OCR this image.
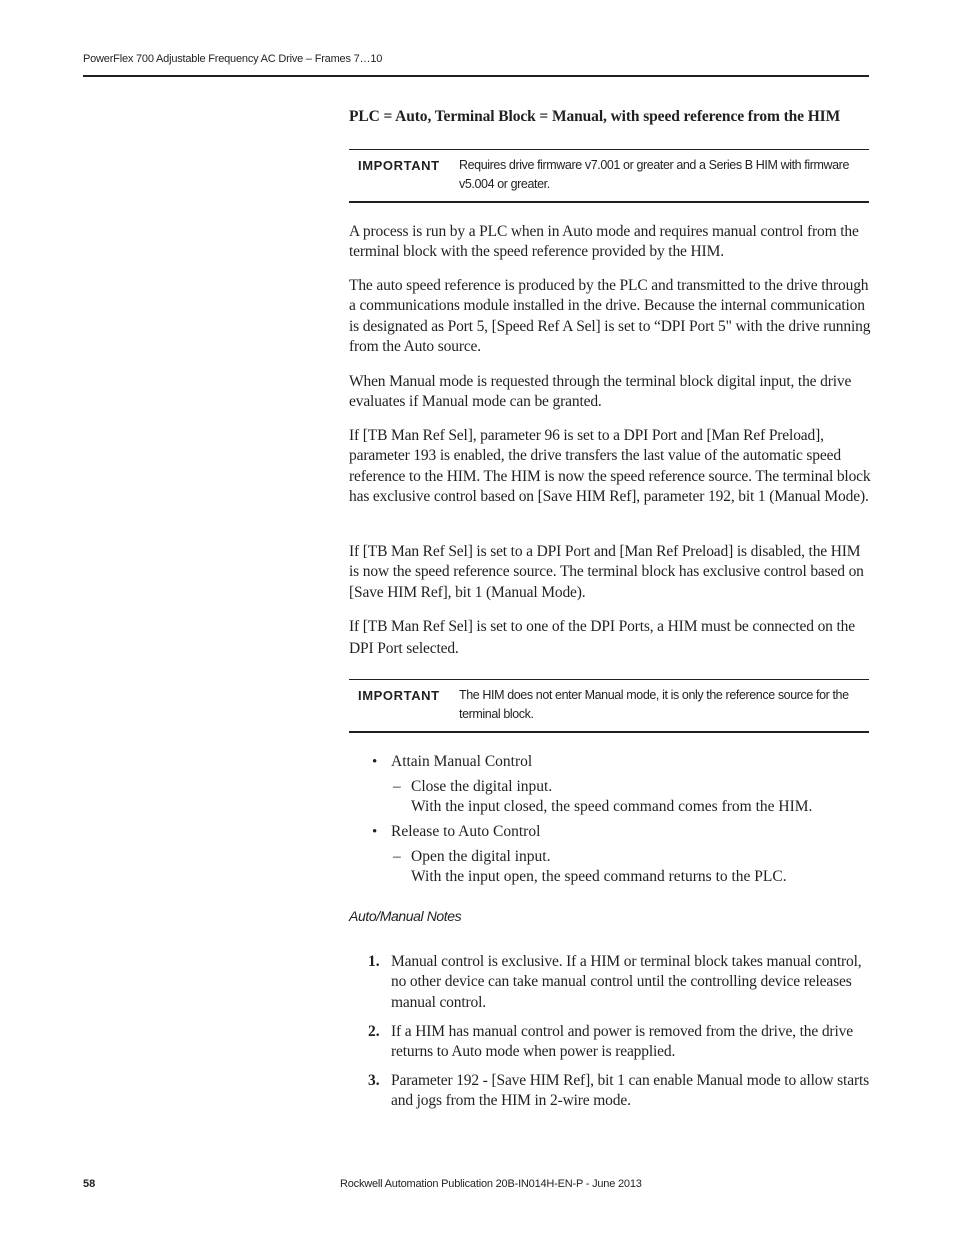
PowerFlex 700 Adjustable Frequency AC Drive – Frames 7…10
PLC = Auto, Terminal Block = Manual, with speed reference from the HIM
IMPORTANT Requires drive firmware v7.001 or greater and a Series B HIM with firmware v5.004 or greater.
A process is run by a PLC when in Auto mode and requires manual control from the terminal block with the speed reference provided by the HIM.
The auto speed reference is produced by the PLC and transmitted to the drive through a communications module installed in the drive. Because the internal communication is designated as Port 5, [Speed Ref A Sel] is set to “DPI Port 5" with the drive running from the Auto source.
When Manual mode is requested through the terminal block digital input, the drive evaluates if Manual mode can be granted.
If [TB Man Ref Sel], parameter 96 is set to a DPI Port and [Man Ref Preload], parameter 193 is enabled, the drive transfers the last value of the automatic speed reference to the HIM. The HIM is now the speed reference source. The terminal block has exclusive control based on [Save HIM Ref], parameter 192, bit 1 (Manual Mode).
If [TB Man Ref Sel] is set to a DPI Port and [Man Ref Preload] is disabled, the HIM is now the speed reference source. The terminal block has exclusive control based on [Save HIM Ref], bit 1 (Manual Mode).
If [TB Man Ref Sel] is set to one of the DPI Ports, a HIM must be connected on the DPI Port selected.
IMPORTANT The HIM does not enter Manual mode, it is only the reference source for the terminal block.
• Attain Manual Control
– Close the digital input.
With the input closed, the speed command comes from the HIM.
• Release to Auto Control
– Open the digital input.
With the input open, the speed command returns to the PLC.
Auto/Manual Notes
1. Manual control is exclusive. If a HIM or terminal block takes manual control, no other device can take manual control until the controlling device releases manual control.
2. If a HIM has manual control and power is removed from the drive, the drive returns to Auto mode when power is reapplied.
3. Parameter 192 - [Save HIM Ref], bit 1 can enable Manual mode to allow starts and jogs from the HIM in 2-wire mode.
58	Rockwell Automation Publication 20B-IN014H-EN-P - June 2013
